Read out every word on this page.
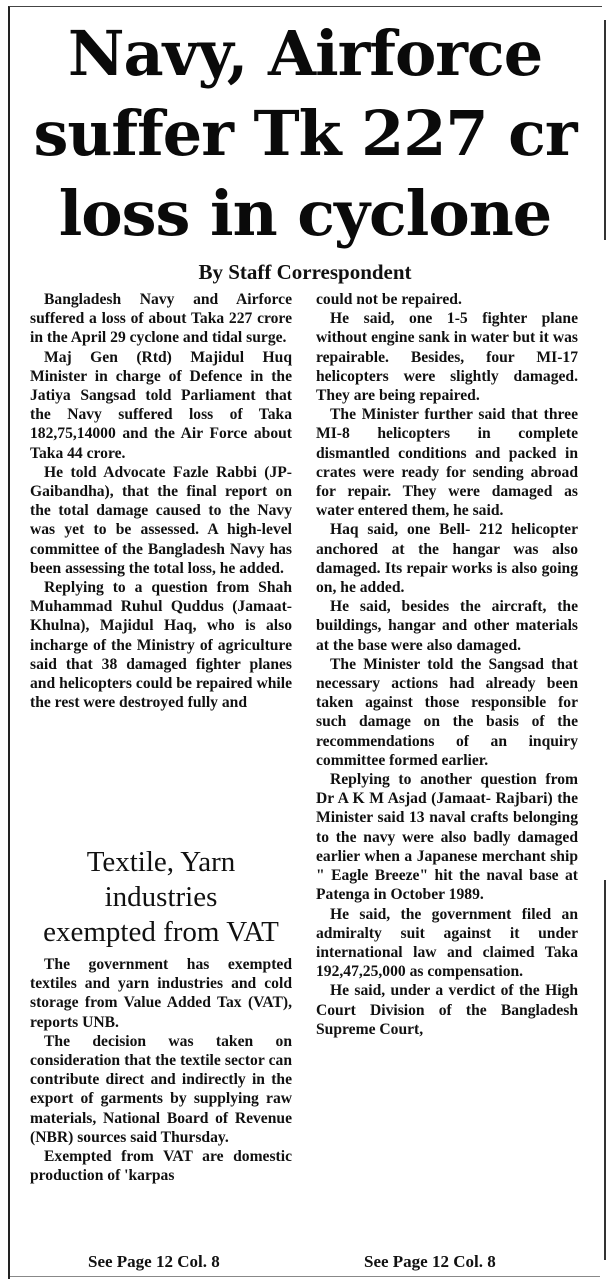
Navy, Airforce
suffer Tk 227 cr
loss in cyclone
By Staff Correspondent

Bangladesh Navy and Airforce suffered a loss of about Taka 227 crore in the April 29 cyclone and tidal surge.

Maj Gen (Rtd) Majidul Huq Minister in charge of Defence in the Jatiya Sangsad told Parliament that the Navy suffered loss of Taka 182,75,14000 and the Air Force about Taka 44 crore.

He told Advocate Fazle Rabbi (JP-Gaibandha), that the final report on the total damage caused to the Navy was yet to be assessed. A high-level committee of the Bangladesh Navy has been assessing the total loss, he added.

Replying to a question from Shah Muhammad Ruhul Quddus (Jamaat-Khulna), Majidul Haq, who is also incharge of the Ministry of agriculture said that 38 damaged fighter planes and helicopters could be repaired while the rest were destroyed fully and

could not be repaired.

He said, one 1-5 fighter plane without engine sank in water but it was repairable. Besides, four MI-17 helicopters were slightly damaged. They are being repaired.

The Minister further said that three MI-8 helicopters in complete dismantled conditions and packed in crates were ready for sending abroad for repair. They were damaged as water entered them, he said.

Haq said, one Bell- 212 helicopter anchored at the hangar was also damaged. Its repair works is also going on, he added.

He said, besides the aircraft, the buildings, hangar and other materials at the base were also damaged.

The Minister told the Sangsad that necessary actions had already been taken against those responsible for such damage on the basis of the recommendations of an inquiry committee formed earlier.

Replying to another question from Dr A K M Asjad (Jamaat- Rajbari) the Minister said 13 naval crafts belonging to the navy were also badly damaged earlier when a Japanese merchant ship " Eagle Breeze" hit the naval base at Patenga in October 1989.

He said, the government filed an admiralty suit against it under international law and claimed Taka 192,47,25,000 as compensation.

He said, under a verdict of the High Court Division of the Bangladesh Supreme Court,

Textile, Yarn
industries
exempted from VAT

The government has exempted textiles and yarn industries and cold storage from Value Added Tax (VAT), reports UNB.

The decision was taken on consideration that the textile sector can contribute direct and indirectly in the export of garments by supplying raw materials, National Board of Revenue (NBR) sources said Thursday.

Exempted from VAT are domestic production of 'karpas

See Page 12 Col. 8	See Page 12 Col. 8
